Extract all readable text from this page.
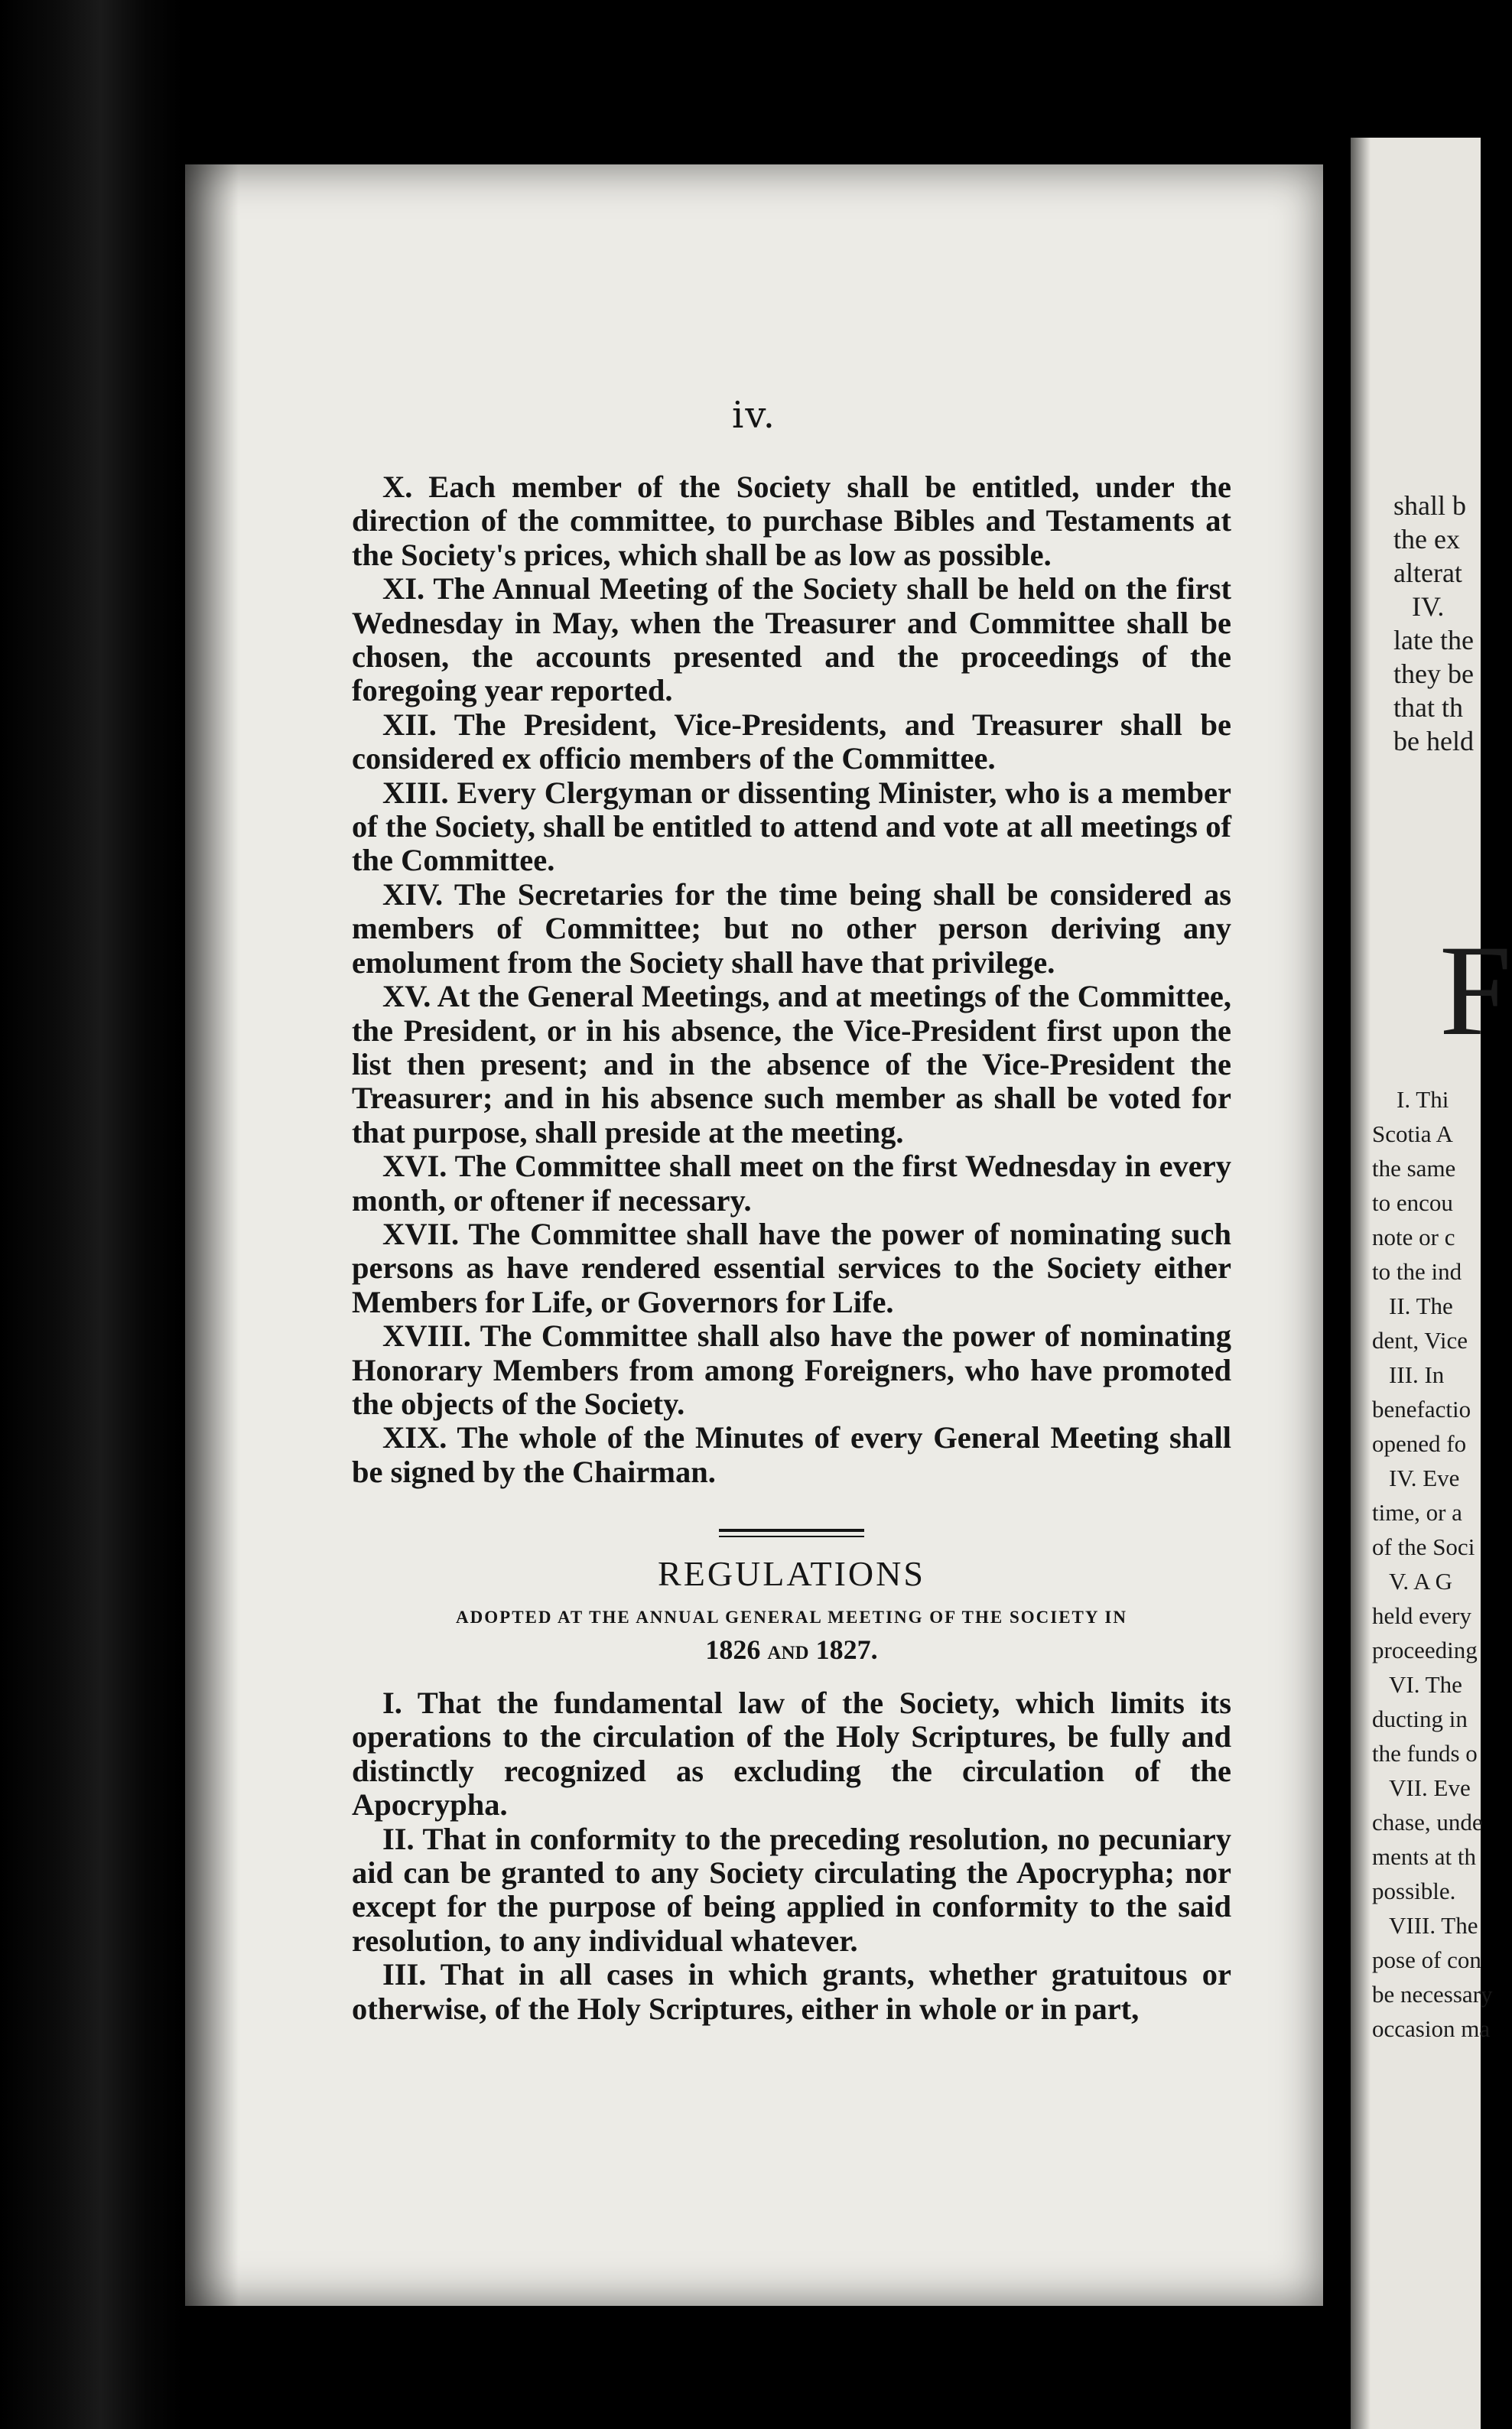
iv.

X. Each member of the Society shall be entitled, under the direction of the committee, to purchase Bibles and Testaments at the Society's prices, which shall be as low as possible.

XI. The Annual Meeting of the Society shall be held on the first Wednesday in May, when the Treasurer and Committee shall be chosen, the accounts presented and the proceedings of the foregoing year reported.

XII. The President, Vice-Presidents, and Treasurer shall be considered ex officio members of the Committee.

XIII. Every Clergyman or dissenting Minister, who is a member of the Society, shall be entitled to attend and vote at all meetings of the Committee.

XIV. The Secretaries for the time being shall be considered as members of Committee; but no other person deriving any emolument from the Society shall have that privilege.

XV. At the General Meetings, and at meetings of the Committee, the President, or in his absence, the Vice-President first upon the list then present; and in the absence of the Vice-President the Treasurer; and in his absence such member as shall be voted for that purpose, shall preside at the meeting.

XVI. The Committee shall meet on the first Wednesday in every month, or oftener if necessary.

XVII. The Committee shall have the power of nominating such persons as have rendered essential services to the Society either Members for Life, or Governors for Life.

XVIII. The Committee shall also have the power of nominating Honorary Members from among Foreigners, who have promoted the objects of the Society.

XIX. The whole of the Minutes of every General Meeting shall be signed by the Chairman.

REGULATIONS
ADOPTED AT THE ANNUAL GENERAL MEETING OF THE SOCIETY IN
1826 and 1827.

I. That the fundamental law of the Society, which limits its operations to the circulation of the Holy Scriptures, be fully and distinctly recognized as excluding the circulation of the Apocrypha.

II. That in conformity to the preceding resolution, no pecuniary aid can be granted to any Society circulating the Apocrypha; nor except for the purpose of being applied in conformity to the said resolution, to any individual whatever.

III. That in all cases in which grants, whether gratuitous or otherwise, of the Holy Scriptures, either in whole or in part,

shall b
the ex
alterat
IV.
late the
they be
that th
be held
F
I. Thi
Scotia A
the same
to encou
note or c
to the ind
II. The
dent, Vice
III. In
benefactio
opened fo
IV. Eve
time, or a
of the Soci
V. A G
held every
proceeding
VI. The
ducting in
the funds o
VII. Eve
chase, unde
ments at th
possible.
VIII. The
pose of con
be necessary
occasion ma
